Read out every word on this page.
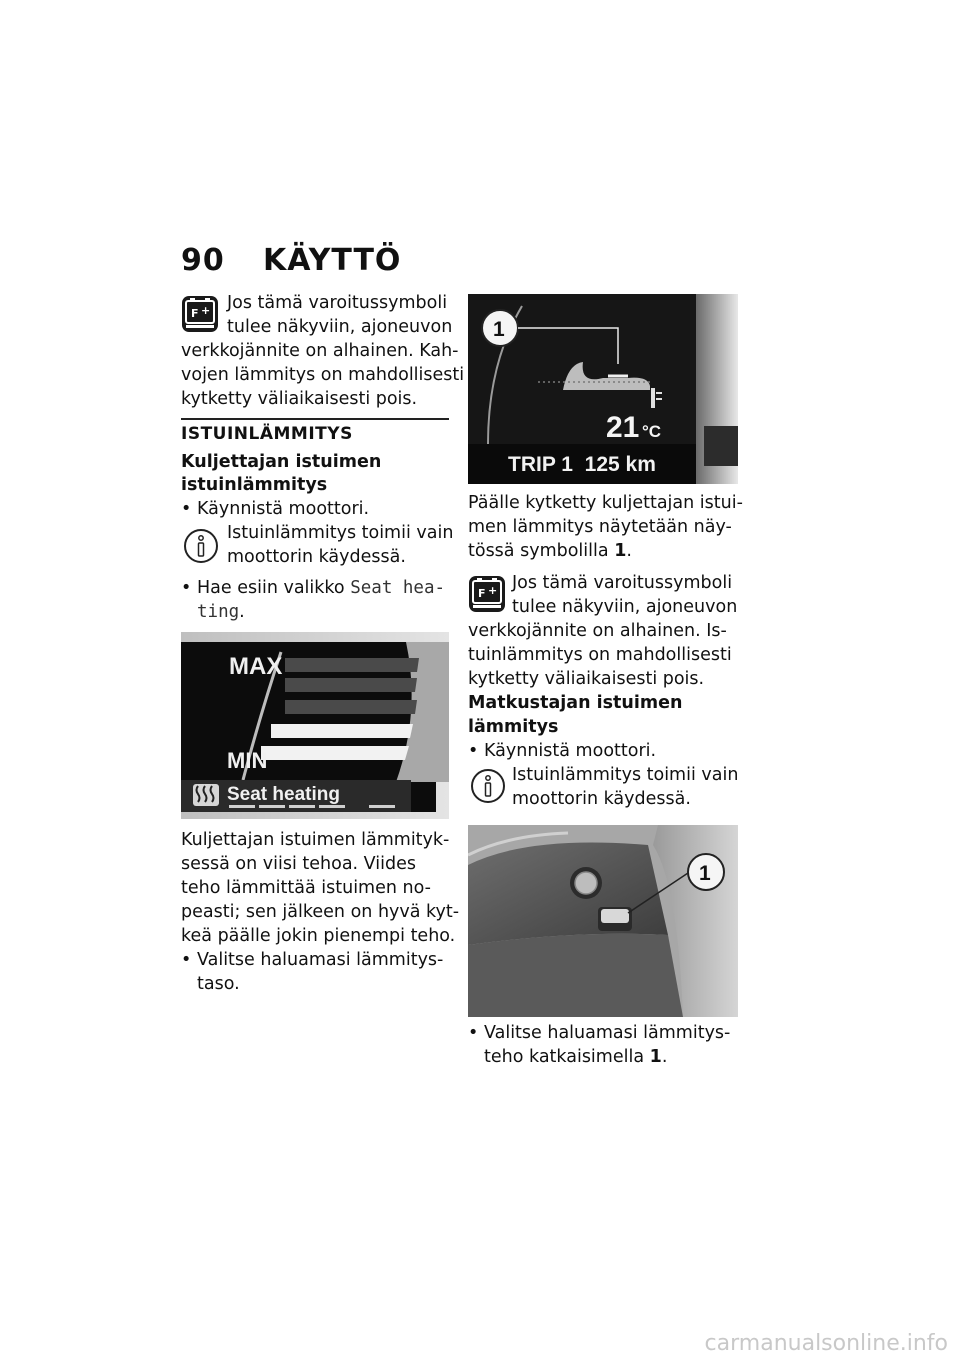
90 KÄYTTÖ
F + Jos tämä varoitussymboli

tulee näkyviin, ajoneuvon

verkkojännite on alhainen. Kah-

vojen lämmitys on mahdollisesti

kytketty väliaikaisesti pois.

ISTUINLÄMMITYS
Kuljettajan istuimen
istuinlämmitys
• Käynnistä moottori.

Istuinlämmitys toimii vain

moottorin käydessä.

• Hae esiin valikko Seat hea-
ting.
MAX
MIN
Seat heating

Kuljettajan istuimen lämmityk-

sessä on viisi tehoa. Viides

teho lämmittää istuimen no-

peasti; sen jälkeen on hyvä kyt-

keä päälle jokin pienempi teho.

• Valitse haluamasi lämmitys-
taso.
1
21 °C
TRIP 1  125 km

Päälle kytketty kuljettajan istui-

men lämmitys näytetään näy-

tössä symbolilla 1.

F + Jos tämä varoitussymboli

tulee näkyviin, ajoneuvon

verkkojännite on alhainen. Is-

tuinlämmitys on mahdollisesti

kytketty väliaikaisesti pois.

Matkustajan istuimen
lämmitys
• Käynnistä moottori.

Istuinlämmitys toimii vain

moottorin käydessä.

1
• Valitse haluamasi lämmitys-
teho katkaisimella 1.
carmanualsonline.info
